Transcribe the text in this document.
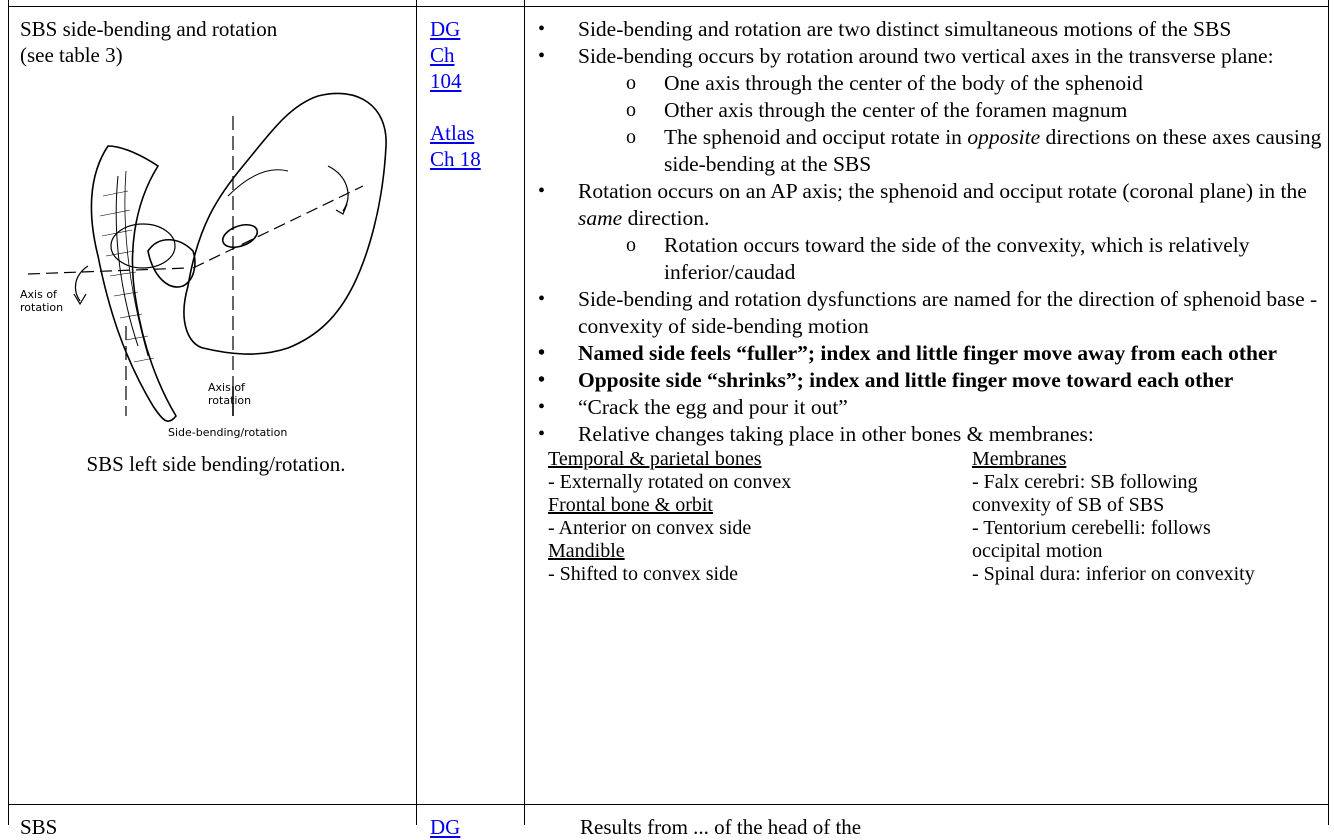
SBS side-bending and rotation
(see table 3)
Axis of
rotation
Axis of
rotation
Side-bending/rotation
SBS left side bending/rotation.
DG
Ch
104
Atlas
Ch 18
• Side-bending and rotation are two distinct simultaneous motions of the SBS
• Side-bending occurs by rotation around two vertical axes in the transverse plane:
o One axis through the center of the body of the sphenoid
o Other axis through the center of the foramen magnum
o The sphenoid and occiput rotate in opposite directions on these axes causing side-bending at the SBS
• Rotation occurs on an AP axis; the sphenoid and occiput rotate (coronal plane) in the same direction.
o Rotation occurs toward the side of the convexity, which is relatively inferior/caudad
• Side-bending and rotation dysfunctions are named for the direction of sphenoid base - convexity of side-bending motion
• Named side feels “fuller”; index and little finger move away from each other
• Opposite side “shrinks”; index and little finger move toward each other
• “Crack the egg and pour it out”
• Relative changes taking place in other bones & membranes:
Temporal & parietal bones
- Externally rotated on convex
Frontal bone & orbit
- Anterior on convex side
Mandible
- Shifted to convex side
Membranes
- Falx cerebri: SB following
convexity of SB of SBS
- Tentorium cerebelli: follows
occipital motion
- Spinal dura: inferior on convexity
SBS	DG	Results from ... of the head of the
